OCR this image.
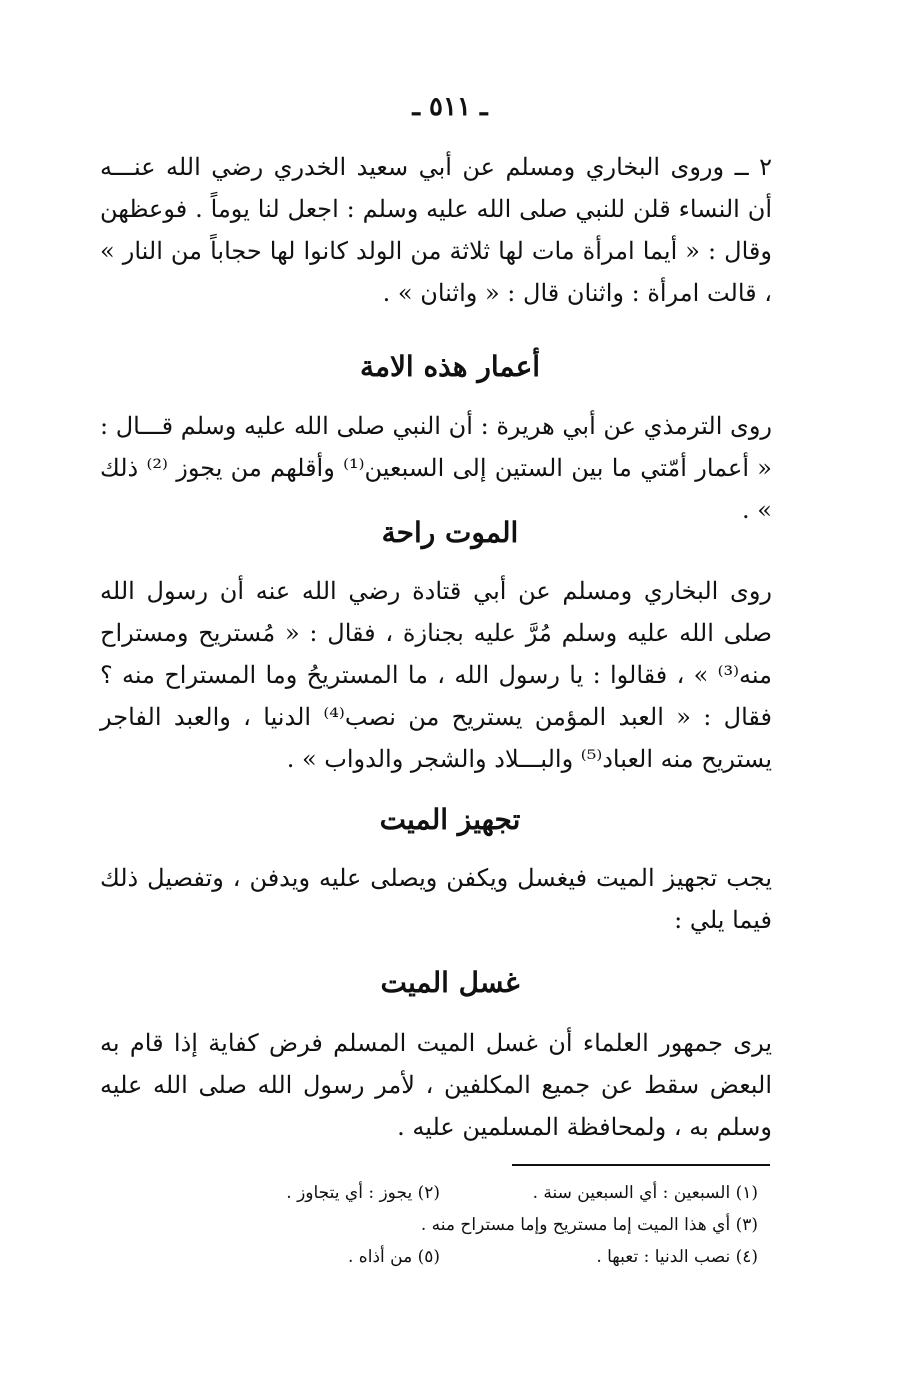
ـ ٥١١ ـ

٢ ــ وروى البخاري ومسلم عن أبي سعيد الخدري رضي الله عنـــه أن النساء قلن للنبي صلى الله عليه وسلم : اجعل لنا يوماً . فوعظهن وقال : « أيما امرأة مات لها ثلاثة من الولد كانوا لها حجاباً من النار » ، قالت امرأة : واثنان قال : « واثنان » .

أعمار هذه الامة

روى الترمذي عن أبي هريرة : أن النبي صلى الله عليه وسلم قـــال : « أعمار أمّتي ما بين الستين إلى السبعين⁽¹⁾ وأقلهم من يجوز ⁽²⁾ ذلك » .

الموت راحة

روى البخاري ومسلم عن أبي قتادة رضي الله عنه أن رسول الله صلى الله عليه وسلم مُرَّ عليه بجنازة ، فقال : « مُستريح ومستراح منه⁽³⁾ » ، فقالوا : يا رسول الله ، ما المستريحُ وما المستراح منه ؟ فقال : « العبد المؤمن يستريح من نصب⁽⁴⁾ الدنيا ، والعبد الفاجر يستريح منه العباد⁽⁵⁾ والبـــلاد والشجر والدواب » .

تجهيز الميت

يجب تجهيز الميت فيغسل ويكفن ويصلى عليه ويدفن ، وتفصيل ذلك فيما يلي :

غسل الميت

يرى جمهور العلماء أن غسل الميت المسلم فرض كفاية إذا قام به البعض سقط عن جميع المكلفين ، لأمر رسول الله صلى الله عليه وسلم به ، ولمحافظة المسلمين عليه .

(١) السبعين : أي السبعين سنة .
(٢) يجوز : أي يتجاوز .
(٣) أي هذا الميت إما مستريح وإما مستراح منه .
(٤) نصب الدنيا : تعبها .
(٥) من أذاه .
